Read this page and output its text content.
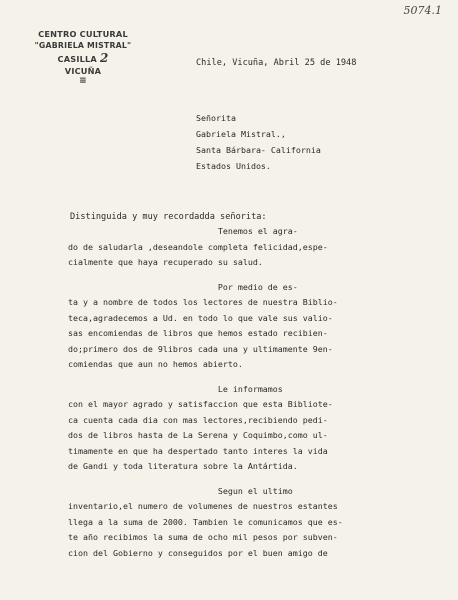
CENTRO CULTURAL
"GABRIELA MISTRAL"
CASILLA 2
VICUÑA
≡
5074.1
Chile, Vicuña, Abril 25 de 1948
Señorita
Gabriela Mistral.,
Santa Bárbara- California
Estados Unidos.
Distinguida y muy recordadda señorita:
Tenemos el agra-
do de saludarla ,deseandole completa felicidad,espe-
cialmente que haya recuperado su salud.
Por medio de es-
ta y a nombre de todos los lectores de nuestra Biblio-
teca,agradecemos a Ud. en todo lo que vale sus valio-
sas encomiendas de libros que hemos estado recibien-
do;primero dos de 9libros cada una y ultimamente 9en-
comiendas que aun no hemos abierto.
Le informamos
con el mayor agrado y satisfaccion que esta Bibliote-
ca cuenta cada dia con mas lectores,recibiendo pedi-
dos de libros hasta de La Serena y Coquimbo,como ul-
timamente en que ha despertado tanto interes la vida
de Gandi y toda literatura sobre la Antártida.
Segun el ultimo
inventario,el numero de volumenes de nuestros estantes
llega a la suma de 2000. Tambien le comunicamos que es-
te año recibimos la suma de ocho mil pesos por subven-
cion del Gobierno y conseguidos por el buen amigo de
